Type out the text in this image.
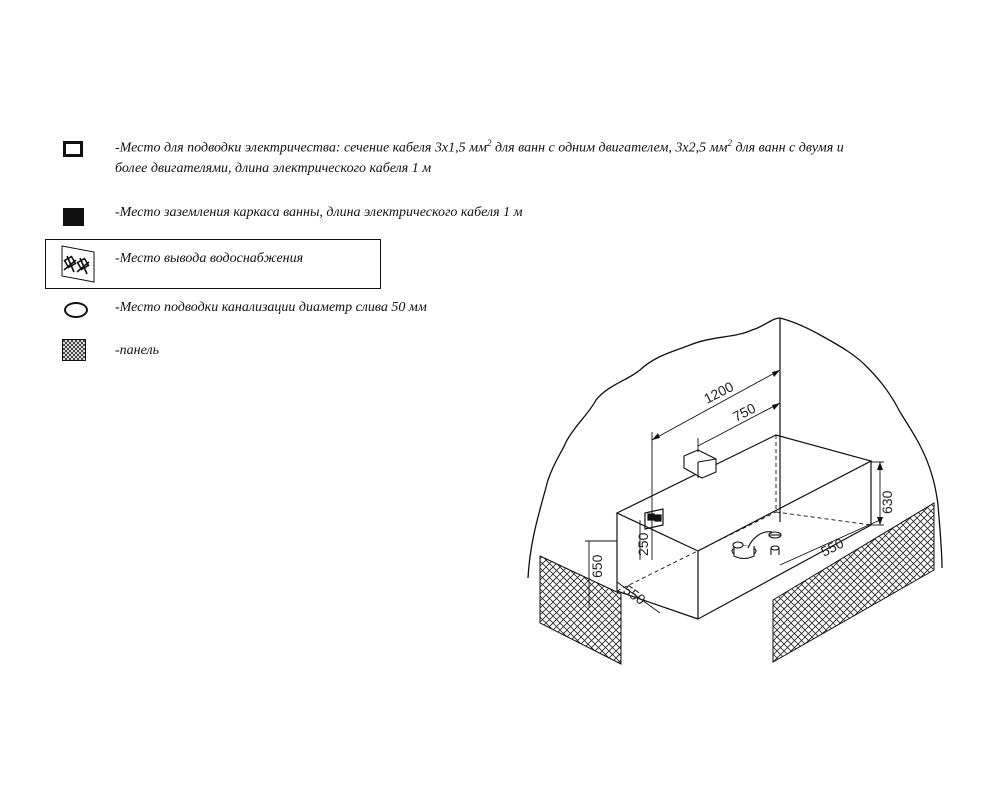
-Место для подводки электричества: сечение кабеля 3х1,5 $мм^2$ для ванн с одним двигателем, 3х2,5 $мм^2$ для ванн с двумя и
более двигателями, длина электрического кабеля 1 м
-Место заземления каркаса ванны, длина электрического кабеля 1 м
-Место вывода водоснабжения
-Место подводки канализации диаметр слива 50 мм
-панель
1200
750
630
550
550
650
250
